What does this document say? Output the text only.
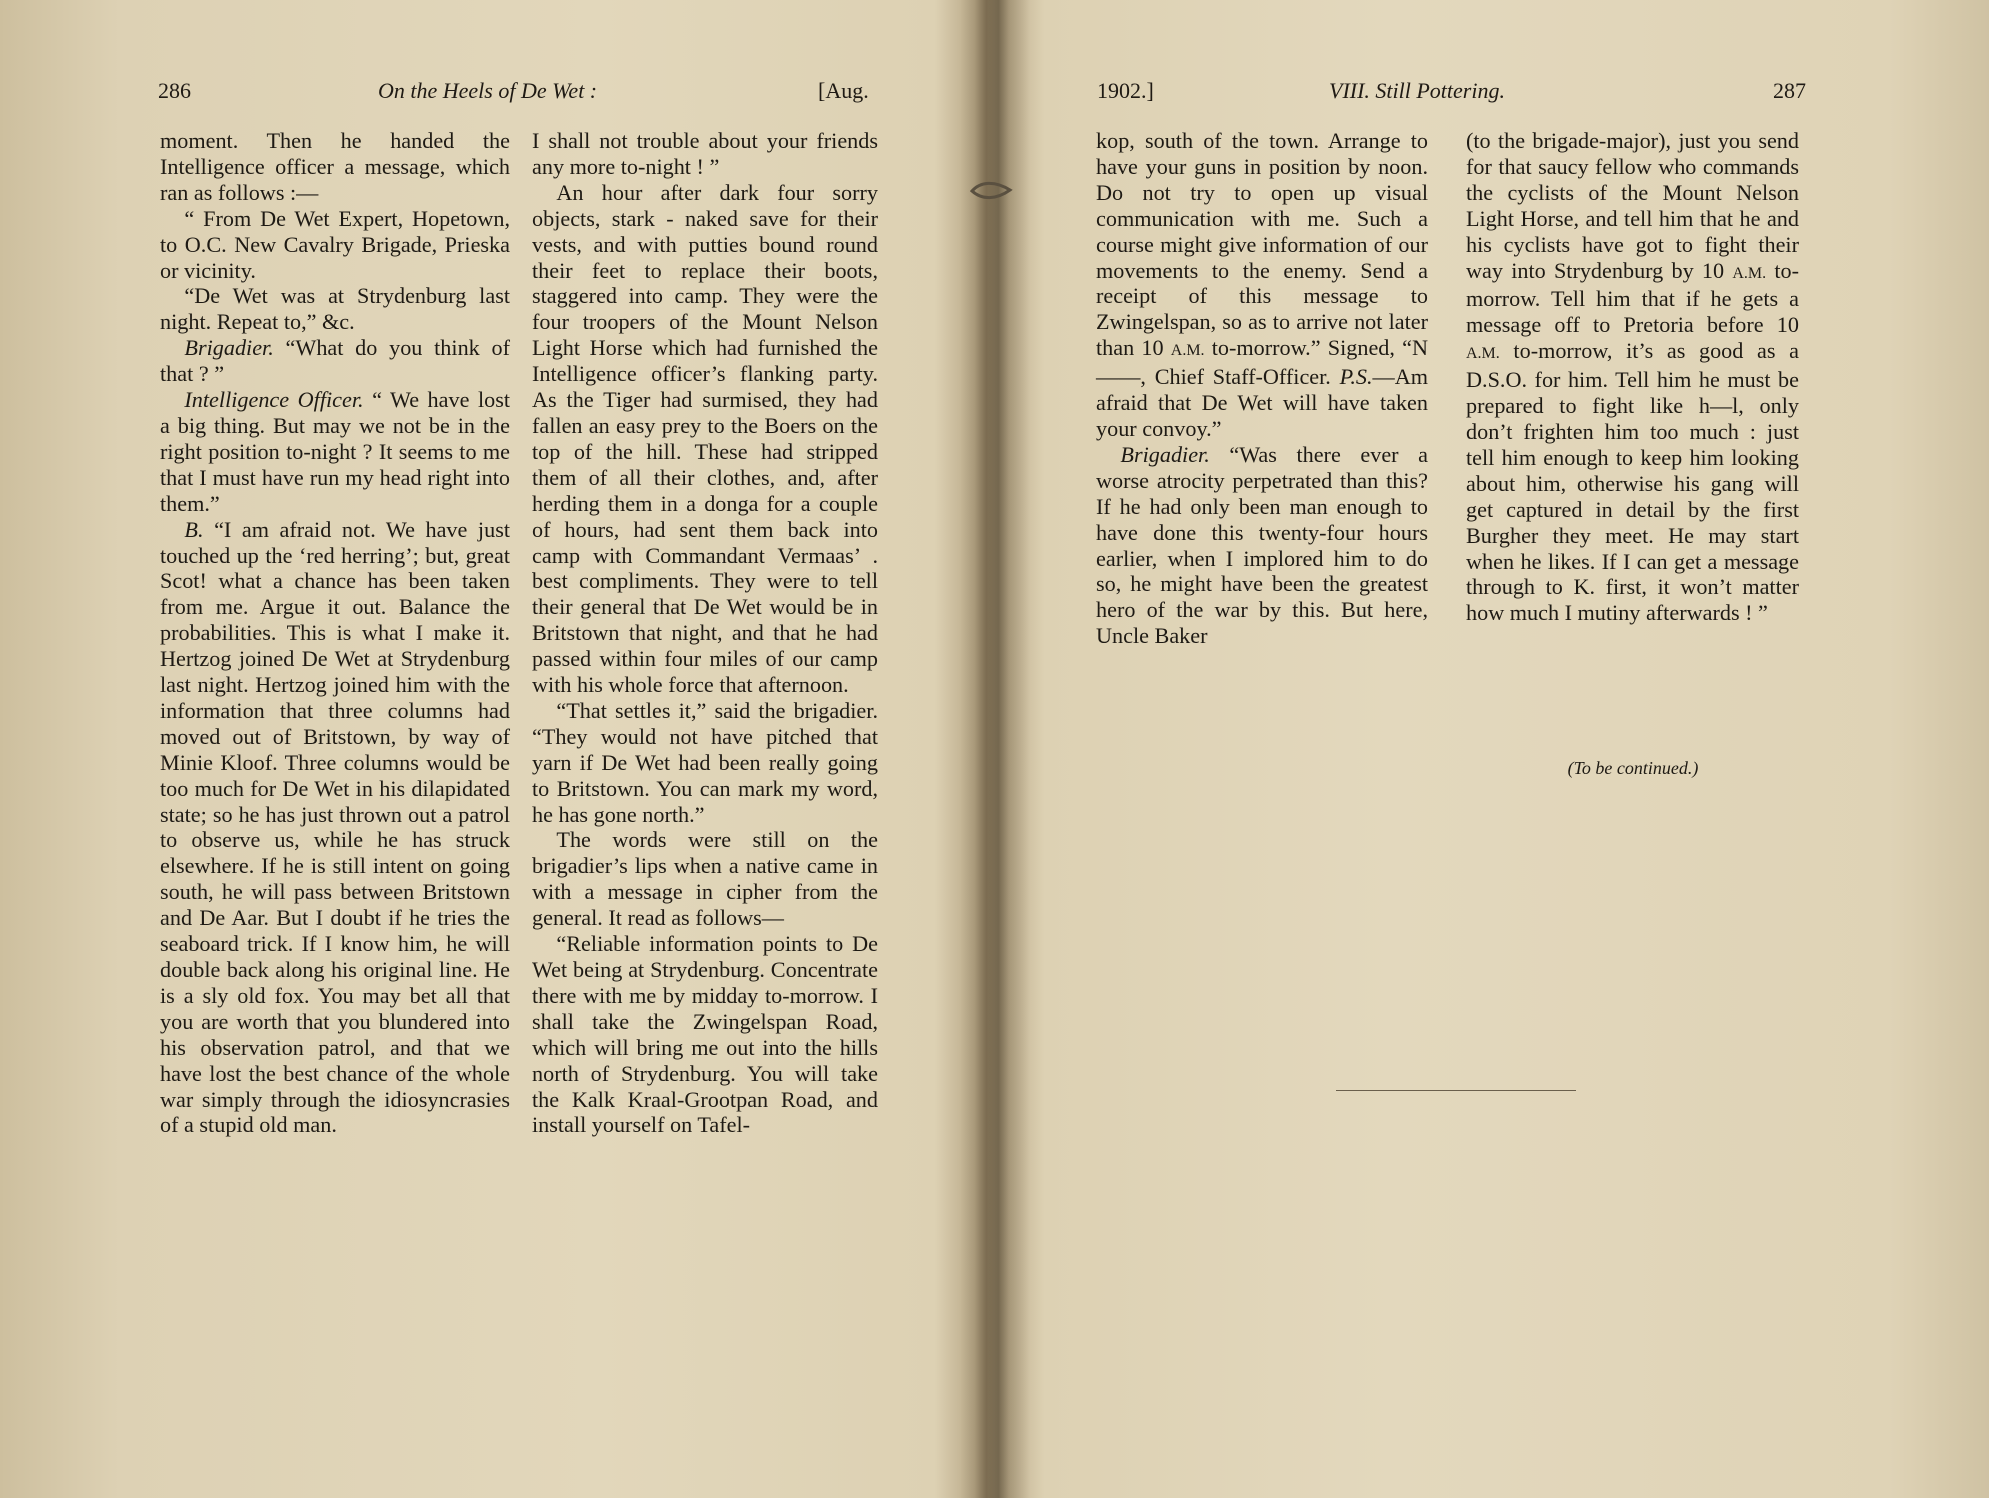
286	On the Heels of De Wet :	[Aug.

moment. Then he handed the Intelligence officer a message, which ran as follows :—

“ From De Wet Expert, Hopetown, to O.C. New Cavalry Brigade, Prieska or vicinity.

“De Wet was at Strydenburg last night. Repeat to,” &c.

Brigadier. “What do you think of that ? ”

Intelligence Officer. “ We have lost a big thing. But may we not be in the right position to-night ? It seems to me that I must have run my head right into them.”

B. “I am afraid not. We have just touched up the ‘red herring’; but, great Scot! what a chance has been taken from me. Argue it out. Balance the probabilities. This is what I make it. Hertzog joined De Wet at Strydenburg last night. Hertzog joined him with the information that three columns had moved out of Britstown, by way of Minie Kloof. Three columns would be too much for De Wet in his dilapidated state; so he has just thrown out a patrol to observe us, while he has struck elsewhere. If he is still intent on going south, he will pass between Britstown and De Aar. But I doubt if he tries the seaboard trick. If I know him, he will double back along his original line. He is a sly old fox. You may bet all that you are worth that you blundered into his observation patrol, and that we have lost the best chance of the whole war simply through the idiosyncrasies of a stupid old man.

I shall not trouble about your friends any more to-night ! ”

An hour after dark four sorry objects, stark - naked save for their vests, and with putties bound round their feet to replace their boots, staggered into camp. They were the four troopers of the Mount Nelson Light Horse which had furnished the Intelligence officer’s flanking party. As the Tiger had surmised, they had fallen an easy prey to the Boers on the top of the hill. These had stripped them of all their clothes, and, after herding them in a donga for a couple of hours, had sent them back into camp with Commandant Vermaas’ . best compliments. They were to tell their general that De Wet would be in Britstown that night, and that he had passed within four miles of our camp with his whole force that afternoon.

“That settles it,” said the brigadier. “They would not have pitched that yarn if De Wet had been really going to Britstown. You can mark my word, he has gone north.”

The words were still on the brigadier’s lips when a native came in with a message in cipher from the general. It read as follows—

“Reliable information points to De Wet being at Strydenburg. Concentrate there with me by midday to-morrow. I shall take the Zwingelspan Road, which will bring me out into the hills north of Strydenburg. You will take the Kalk Kraal-Grootpan Road, and install yourself on Tafel-

1902.]	VIII. Still Pottering.	287

kop, south of the town. Arrange to have your guns in position by noon. Do not try to open up visual communication with me. Such a course might give information of our movements to the enemy. Send a receipt of this message to Zwingelspan, so as to arrive not later than 10 A.M. to-morrow.” Signed, “N——, Chief Staff-Officer. P.S.—Am afraid that De Wet will have taken your convoy.”

Brigadier. “Was there ever a worse atrocity perpetrated than this? If he had only been man enough to have done this twenty-four hours earlier, when I implored him to do so, he might have been the greatest hero of the war by this. But here, Uncle Baker

(to the brigade-major), just you send for that saucy fellow who commands the cyclists of the Mount Nelson Light Horse, and tell him that he and his cyclists have got to fight their way into Strydenburg by 10 A.M. to-morrow. Tell him that if he gets a message off to Pretoria before 10 A.M. to-morrow, it’s as good as a D.S.O. for him. Tell him he must be prepared to fight like h—l, only don’t frighten him too much : just tell him enough to keep him looking about him, otherwise his gang will get captured in detail by the first Burgher they meet. He may start when he likes. If I can get a message through to K. first, it won’t matter how much I mutiny afterwards ! ”

(To be continued.)
